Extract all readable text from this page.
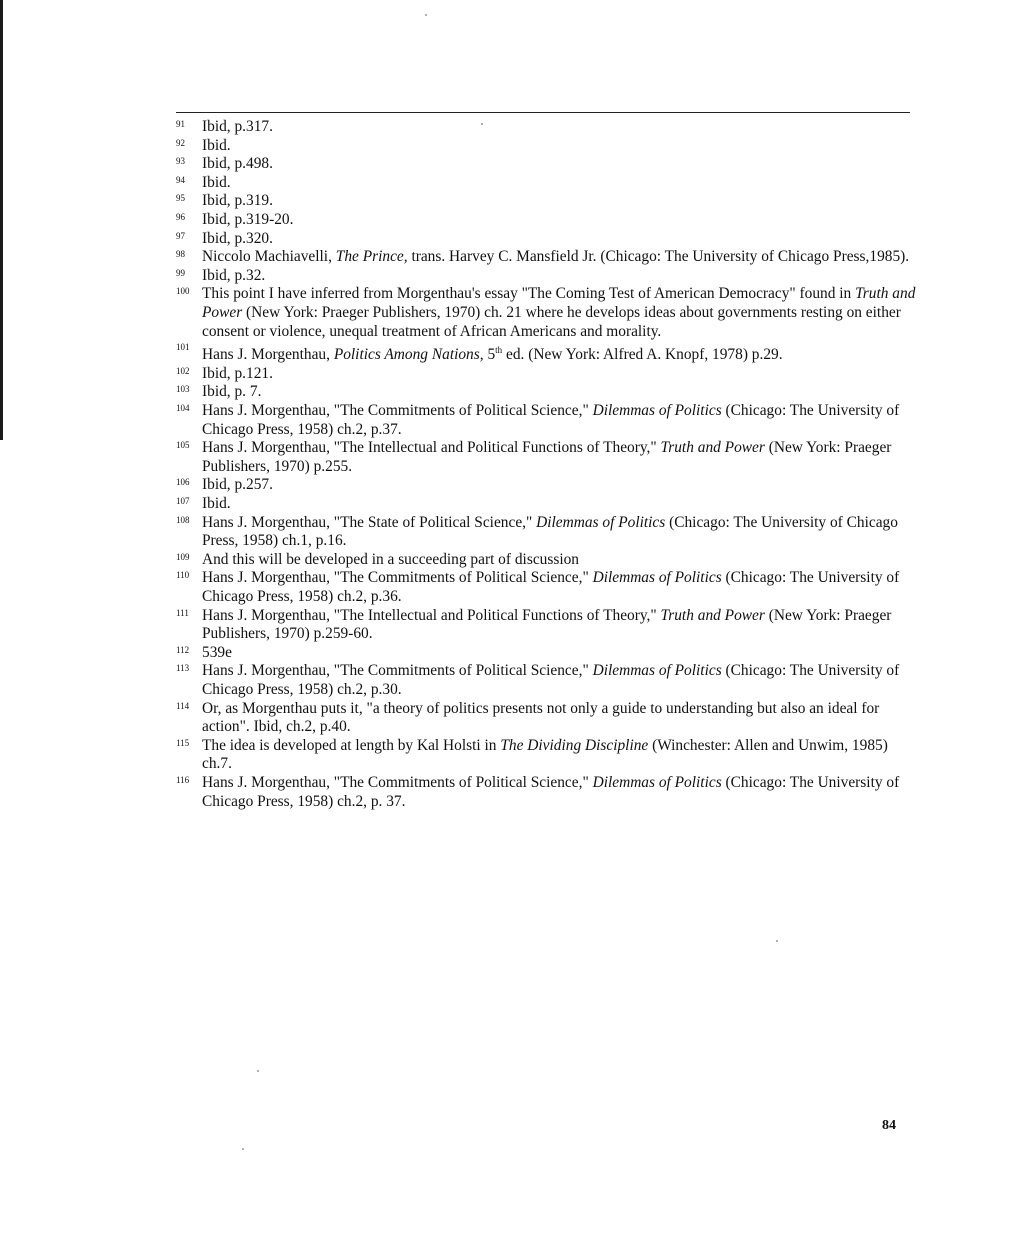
91 Ibid, p.317.
92 Ibid.
93 Ibid, p.498.
94 Ibid.
95 Ibid, p.319.
96 Ibid, p.319-20.
97 Ibid, p.320.
98 Niccolo Machiavelli, The Prince, trans. Harvey C. Mansfield Jr. (Chicago: The University of Chicago Press,1985).
99 Ibid, p.32.
100 This point I have inferred from Morgenthau's essay "The Coming Test of American Democracy" found in Truth and Power (New York: Praeger Publishers, 1970) ch. 21 where he develops ideas about governments resting on either consent or violence, unequal treatment of African Americans and morality.
101 Hans J. Morgenthau, Politics Among Nations, 5th ed. (New York: Alfred A. Knopf, 1978) p.29.
102 Ibid, p.121.
103 Ibid, p. 7.
104 Hans J. Morgenthau, "The Commitments of Political Science," Dilemmas of Politics (Chicago: The University of Chicago Press, 1958) ch.2, p.37.
105 Hans J. Morgenthau, "The Intellectual and Political Functions of Theory," Truth and Power (New York: Praeger Publishers, 1970) p.255.
106 Ibid, p.257.
107 Ibid.
108 Hans J. Morgenthau, "The State of Political Science," Dilemmas of Politics (Chicago: The University of Chicago Press, 1958) ch.1, p.16.
109 And this will be developed in a succeeding part of discussion
110 Hans J. Morgenthau, "The Commitments of Political Science," Dilemmas of Politics (Chicago: The University of Chicago Press, 1958) ch.2, p.36.
111 Hans J. Morgenthau, "The Intellectual and Political Functions of Theory," Truth and Power (New York: Praeger Publishers, 1970) p.259-60.
112 539e
113 Hans J. Morgenthau, "The Commitments of Political Science," Dilemmas of Politics (Chicago: The University of Chicago Press, 1958) ch.2, p.30.
114 Or, as Morgenthau puts it, "a theory of politics presents not only a guide to understanding but also an ideal for action". Ibid, ch.2, p.40.
115 The idea is developed at length by Kal Holsti in The Dividing Discipline (Winchester: Allen and Unwim, 1985) ch.7.
116 Hans J. Morgenthau, "The Commitments of Political Science," Dilemmas of Politics (Chicago: The University of Chicago Press, 1958) ch.2, p. 37.
84
